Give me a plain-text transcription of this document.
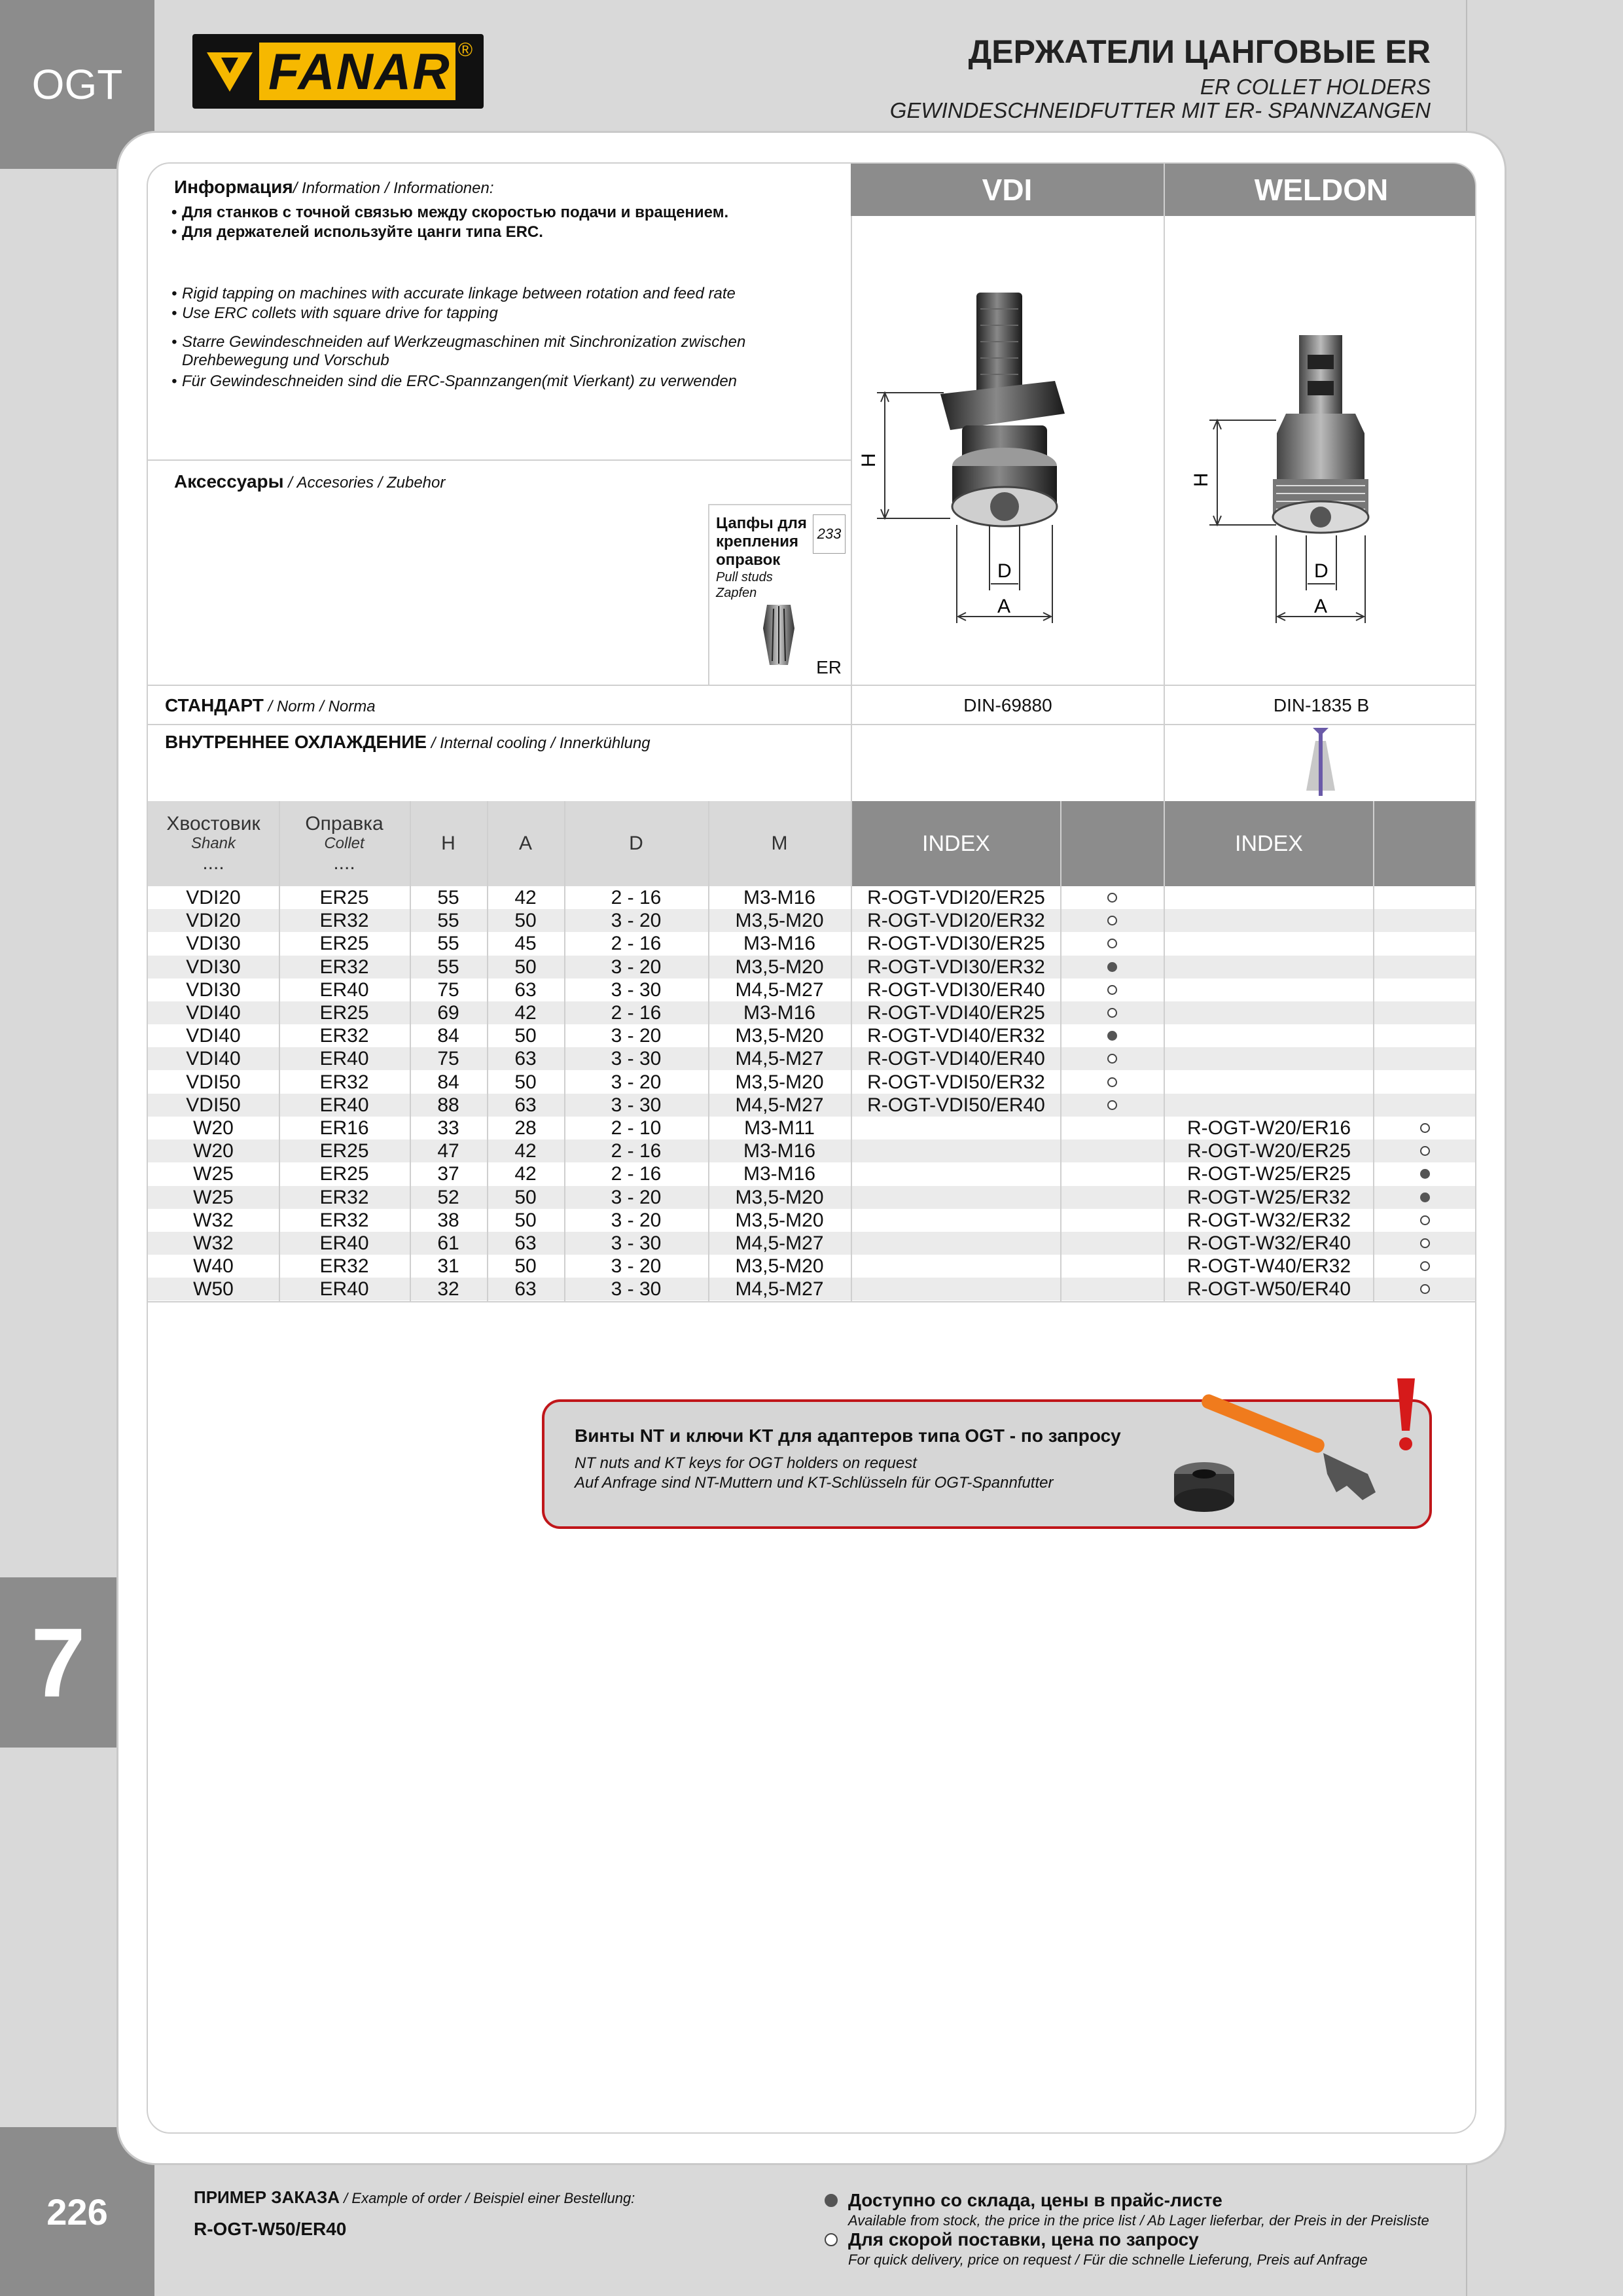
OGT
7
226
FANAR ®	ДЕРЖАТЕЛИ ЦАНГОВЫЕ ER
ER COLLET HOLDERS
GEWINDESCHNEIDFUTTER MIT ER- SPANNZANGEN
Информация/ Information / Informationen:
• Для станков с точной связью между скоростью подачи и вращением.
• Для держателей используйте цанги типа ERC.
• Rigid tapping on machines with accurate linkage between rotation and feed rate
• Use ERC collets with square drive for tapping
• Starre Gewindeschneiden auf Werkzeugmaschinen mit Sinchronization zwischen
Drehbewegung und Vorschub
• Für Gewindeschneiden sind die ERC-Spannzangen(mit Vierkant) zu verwenden
VDI	WELDON
H
D
A
H
D
A
Аксессуары / Accesories / Zubehor
Цапфы для крепления оправок
Pull studs
Zapfen
233
ER
СТАНДАРТ / Norm / Norma	DIN-69880	DIN-1835 B
ВНУТРЕННЕЕ ОХЛАЖДЕНИЕ / Internal cooling / Innerkühlung
Хвостовик
Shank
....
Оправка
Collet
....
H	A	D	M	INDEX	INDEX
VDI20	ER25	55	42	2 - 16	M3-M16	R-OGT-VDI20/ER25
VDI20	ER32	55	50	3 - 20	M3,5-M20	R-OGT-VDI20/ER32
VDI30	ER25	55	45	2 - 16	M3-M16	R-OGT-VDI30/ER25
VDI30	ER32	55	50	3 - 20	M3,5-M20	R-OGT-VDI30/ER32
VDI30	ER40	75	63	3 - 30	M4,5-M27	R-OGT-VDI30/ER40
VDI40	ER25	69	42	2 - 16	M3-M16	R-OGT-VDI40/ER25
VDI40	ER32	84	50	3 - 20	M3,5-M20	R-OGT-VDI40/ER32
VDI40	ER40	75	63	3 - 30	M4,5-M27	R-OGT-VDI40/ER40
VDI50	ER32	84	50	3 - 20	M3,5-M20	R-OGT-VDI50/ER32
VDI50	ER40	88	63	3 - 30	M4,5-M27	R-OGT-VDI50/ER40
W20	ER16	33	28	2 - 10	M3-M11	R-OGT-W20/ER16
W20	ER25	47	42	2 - 16	M3-M16	R-OGT-W20/ER25
W25	ER25	37	42	2 - 16	M3-M16	R-OGT-W25/ER25
W25	ER32	52	50	3 - 20	M3,5-M20	R-OGT-W25/ER32
W32	ER32	38	50	3 - 20	M3,5-M20	R-OGT-W32/ER32
W32	ER40	61	63	3 - 30	M4,5-M27	R-OGT-W32/ER40
W40	ER32	31	50	3 - 20	M3,5-M20	R-OGT-W40/ER32
W50	ER40	32	63	3 - 30	M4,5-M27	R-OGT-W50/ER40
Винты NT и ключи KT для адаптеров типа OGT - по запросу
NT nuts and KT keys for OGT holders on request
Auf Anfrage sind NT-Muttern und KT-Schlüsseln für OGT-Spannfutter
ПРИМЕР ЗАКАЗА / Example of order / Beispiel einer Bestellung:
R-OGT-W50/ER40
Доступно со склада, цены в прайс-листе
Available from stock, the price in the price list / Ab Lager lieferbar, der Preis in der Preisliste
Для скорой поставки, цена по запросу
For quick delivery, price on request / Für die schnelle Lieferung, Preis auf Anfrage
